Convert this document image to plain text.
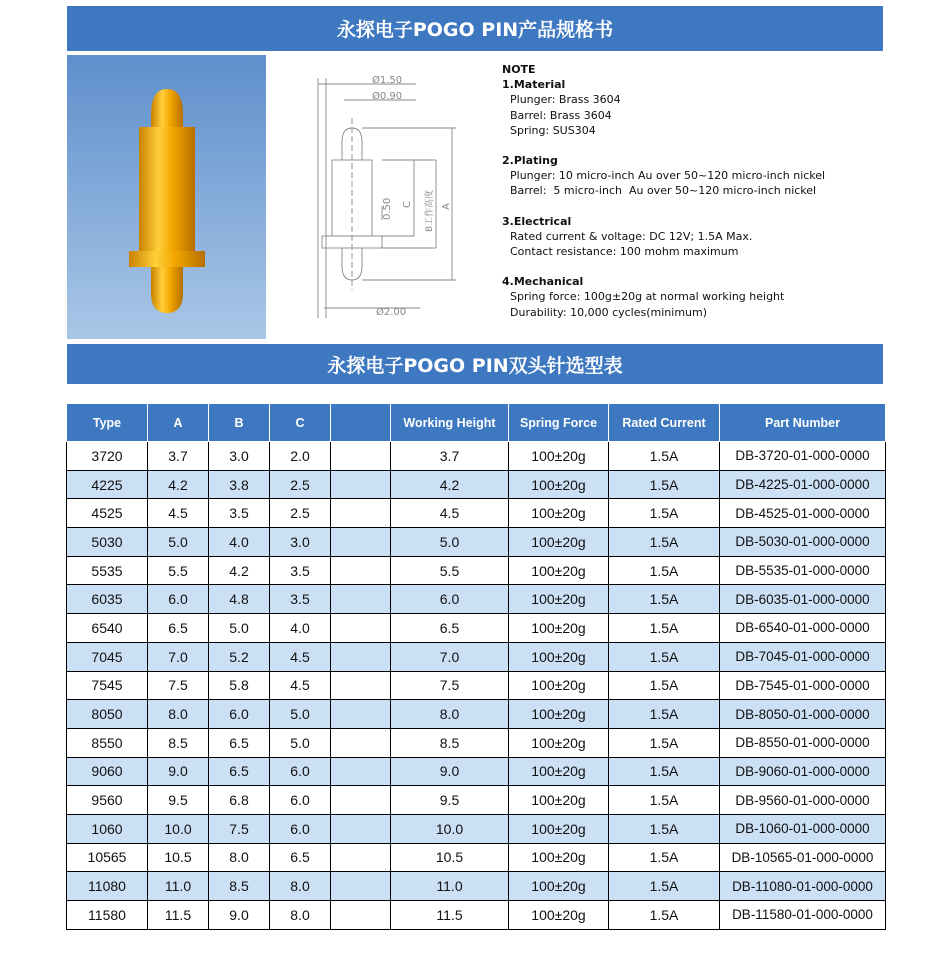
永探电子POGO PIN产品规格书
Ø1.50
Ø0.90
Ø2.00
0.50 C B工作高度 A
NOTE
1.Material
Plunger: Brass 3604
Barrel: Brass 3604
Spring: SUS304
2.Plating
Plunger: 10 micro-inch Au over 50~120 micro-inch nickel
Barrel:  5 micro-inch  Au over 50~120 micro-inch nickel
3.Electrical
Rated current & voltage: DC 12V; 1.5A Max.
Contact resistance: 100 mohm maximum
4.Mechanical
Spring force: 100g±20g at normal working height
Durability: 10,000 cycles(minimum)
永探电子POGO PIN双头针选型表
Type	A	B	C		Working Height	Spring Force	Rated Current	Part Number
3720	3.7	3.0	2.0		3.7	100±20g	1.5A	DB-3720-01-000-0000
4225	4.2	3.8	2.5		4.2	100±20g	1.5A	DB-4225-01-000-0000
4525	4.5	3.5	2.5		4.5	100±20g	1.5A	DB-4525-01-000-0000
5030	5.0	4.0	3.0		5.0	100±20g	1.5A	DB-5030-01-000-0000
5535	5.5	4.2	3.5		5.5	100±20g	1.5A	DB-5535-01-000-0000
6035	6.0	4.8	3.5		6.0	100±20g	1.5A	DB-6035-01-000-0000
6540	6.5	5.0	4.0		6.5	100±20g	1.5A	DB-6540-01-000-0000
7045	7.0	5.2	4.5		7.0	100±20g	1.5A	DB-7045-01-000-0000
7545	7.5	5.8	4.5		7.5	100±20g	1.5A	DB-7545-01-000-0000
8050	8.0	6.0	5.0		8.0	100±20g	1.5A	DB-8050-01-000-0000
8550	8.5	6.5	5.0		8.5	100±20g	1.5A	DB-8550-01-000-0000
9060	9.0	6.5	6.0		9.0	100±20g	1.5A	DB-9060-01-000-0000
9560	9.5	6.8	6.0		9.5	100±20g	1.5A	DB-9560-01-000-0000
1060	10.0	7.5	6.0		10.0	100±20g	1.5A	DB-1060-01-000-0000
10565	10.5	8.0	6.5		10.5	100±20g	1.5A	DB-10565-01-000-0000
11080	11.0	8.5	8.0		11.0	100±20g	1.5A	DB-11080-01-000-0000
11580	11.5	9.0	8.0		11.5	100±20g	1.5A	DB-11580-01-000-0000
